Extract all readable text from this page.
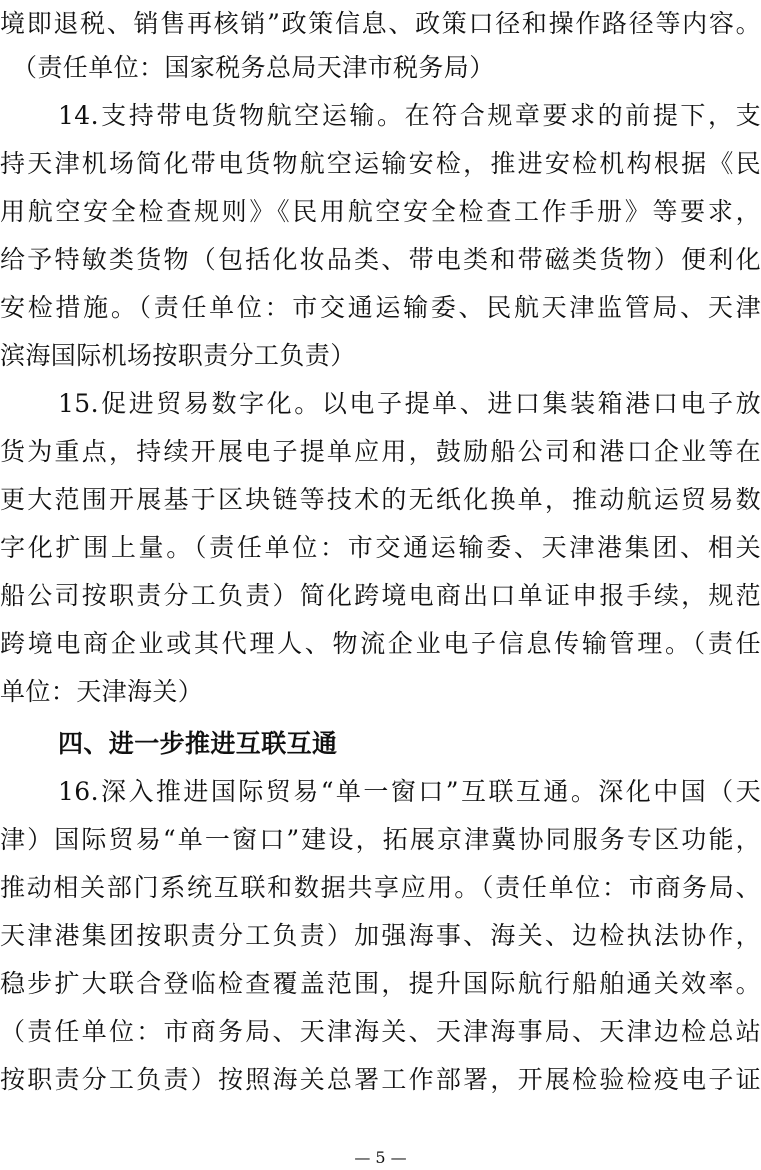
境即退税、销售再核销”政策信息、政策口径和操作路径等内容。
（责任单位：国家税务总局天津市税务局）
14.支持带电货物航空运输。在符合规章要求的前提下，支
持天津机场简化带电货物航空运输安检，推进安检机构根据《民
用航空安全检查规则》《民用航空安全检查工作手册》等要求，
给予特敏类货物（包括化妆品类、带电类和带磁类货物）便利化
安检措施。（责任单位：市交通运输委、民航天津监管局、天津
滨海国际机场按职责分工负责）
15.促进贸易数字化。以电子提单、进口集装箱港口电子放
货为重点，持续开展电子提单应用，鼓励船公司和港口企业等在
更大范围开展基于区块链等技术的无纸化换单，推动航运贸易数
字化扩围上量。（责任单位：市交通运输委、天津港集团、相关
船公司按职责分工负责）简化跨境电商出口单证申报手续，规范
跨境电商企业或其代理人、物流企业电子信息传输管理。（责任
单位：天津海关）
四、进一步推进互联互通
16.深入推进国际贸易“单一窗口”互联互通。深化中国（天
津）国际贸易“单一窗口”建设，拓展京津冀协同服务专区功能，
推动相关部门系统互联和数据共享应用。（责任单位：市商务局、
天津港集团按职责分工负责）加强海事、海关、边检执法协作，
稳步扩大联合登临检查覆盖范围，提升国际航行船舶通关效率。
（责任单位：市商务局、天津海关、天津海事局、天津边检总站
按职责分工负责）按照海关总署工作部署，开展检验检疫电子证
— 5 —
